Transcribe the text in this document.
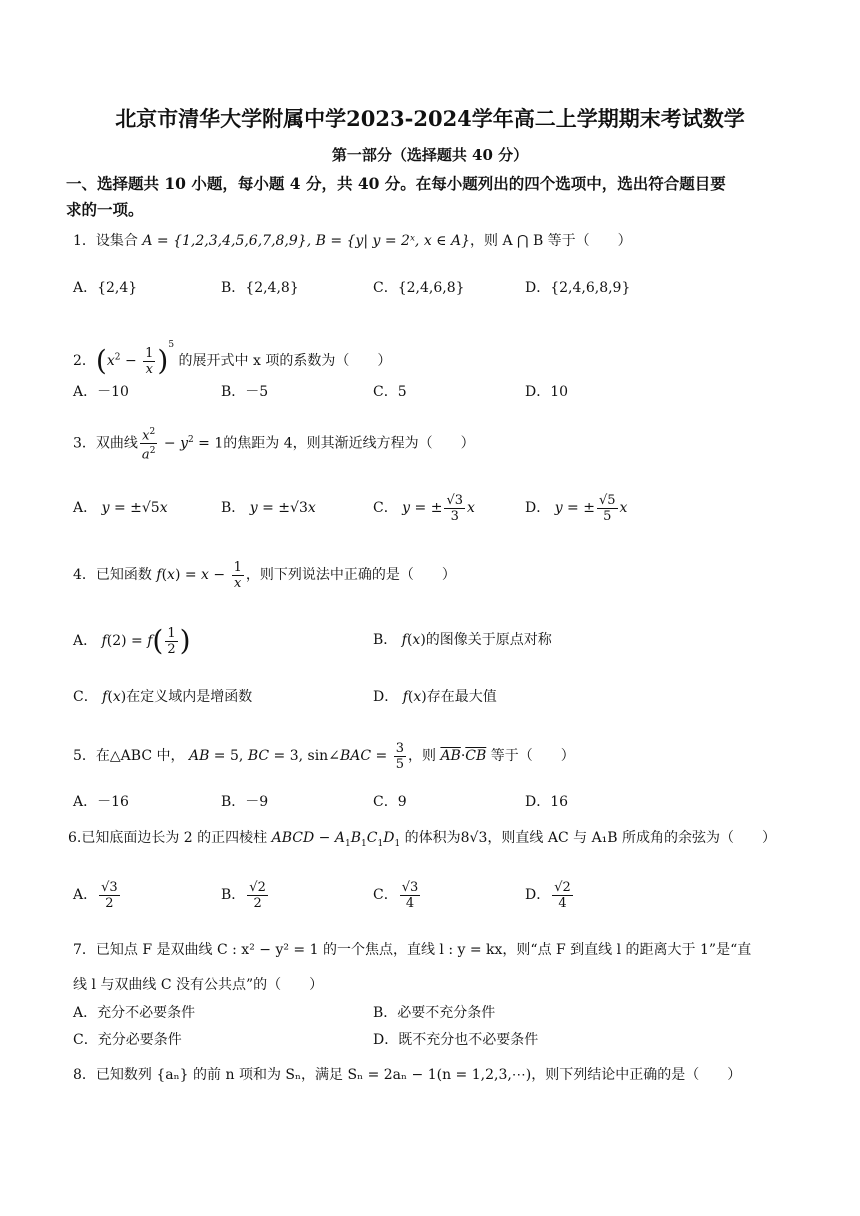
北京市清华大学附属中学2023-2024学年高二上学期期末考试数学
第一部分（选择题共 40 分）
一、选择题共 10 小题，每小题 4 分，共 40 分。在每小题列出的四个选项中，选出符合题目要
求的一项。
1．设集合 A = {1,2,3,4,5,6,7,8,9}, B = {y| y = 2ˣ, x ∈ A}，则 A ⋂ B 等于（　　）
A．{2,4}	B．{2,4,8}	C．{2,4,6,8}	D．{2,4,6,8,9}
2．$(x^2 - \frac{1}{x} )^5$ 的展开式中 x 项的系数为（　　）
A．－10	B．－5	C．5	D．10
3．双曲线 $\frac{x^2}{a^2} - y^2 = 1$的焦距为 4，则其渐近线方程为（　　）
A． y = ±√5x	B． y = ±√3x	C． y = ± $\frac{√3}{3}$ x	D． y = ± $\frac{√5}{5}$ x
4．已知函数 $f(x) = x - \frac{1}{x}$ ，则下列说法中正确的是（　　）
A． $f(2) = f( \frac{1}{2}$ )	B． f(x)的图像关于原点对称
C． f(x)在定义域内是增函数	D． f(x)存在最大值
5．在△ABC 中， AB = 5, BC = 3, sin∠BAC = $\frac{3}{5}$ ，则 $\overline{AB}\cdot\overline{CB}$ 等于（　　）
A．－16	B．－9	C．9	D．16
6.已知底面边长为 2 的正四棱柱 ABCD − $A_1B_1C_1D_1$ 的体积为8√3，则直线 AC 与 A₁B 所成角的余弦为（　　）
A． $\frac{√3}{2}$	B． $\frac{√2}{2}$	C． $\frac{√3}{4}$	D． $\frac{√2}{4}$
7．已知点 F 是双曲线 C : x² − y² = 1 的一个焦点，直线 l : y = kx，则“点 F 到直线 l 的距离大于 1”是“直
线 l 与双曲线 C 没有公共点”的（　　）
A．充分不必要条件	B．必要不充分条件
C．充分必要条件	D．既不充分也不必要条件
8．已知数列 {aₙ} 的前 n 项和为 Sₙ，满足 Sₙ = 2aₙ − 1(n = 1,2,3,⋯)，则下列结论中正确的是（　　）
